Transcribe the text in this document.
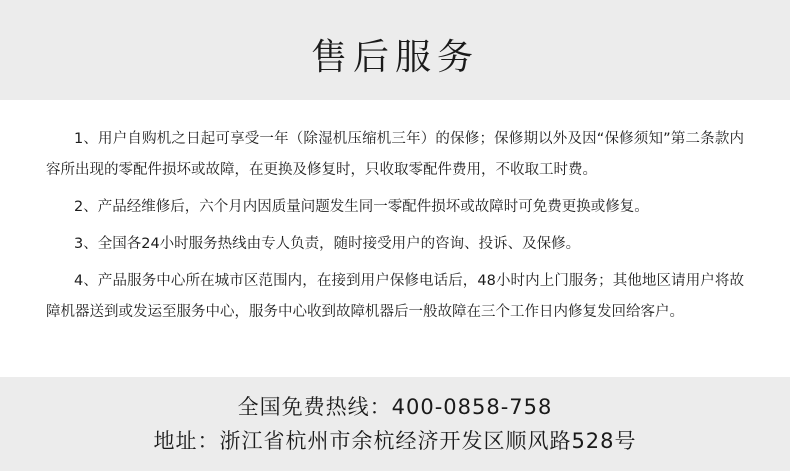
售后服务

1、用户自购机之日起可享受一年（除湿机压缩机三年）的保修；保修期以外及因“保修须知”第二条款内容所出现的零配件损坏或故障，在更换及修复时，只收取零配件费用，不收取工时费。

2、产品经维修后，六个月内因质量问题发生同一零配件损坏或故障时可免费更换或修复。

3、全国各24小时服务热线由专人负责，随时接受用户的咨询、投诉、及保修。

4、产品服务中心所在城市区范围内，在接到用户保修电话后，48小时内上门服务；其他地区请用户将故障机器送到或发运至服务中心，服务中心收到故障机器后一般故障在三个工作日内修复发回给客户。

全国免费热线：400-0858-758
地址：浙江省杭州市余杭经济开发区顺风路528号
